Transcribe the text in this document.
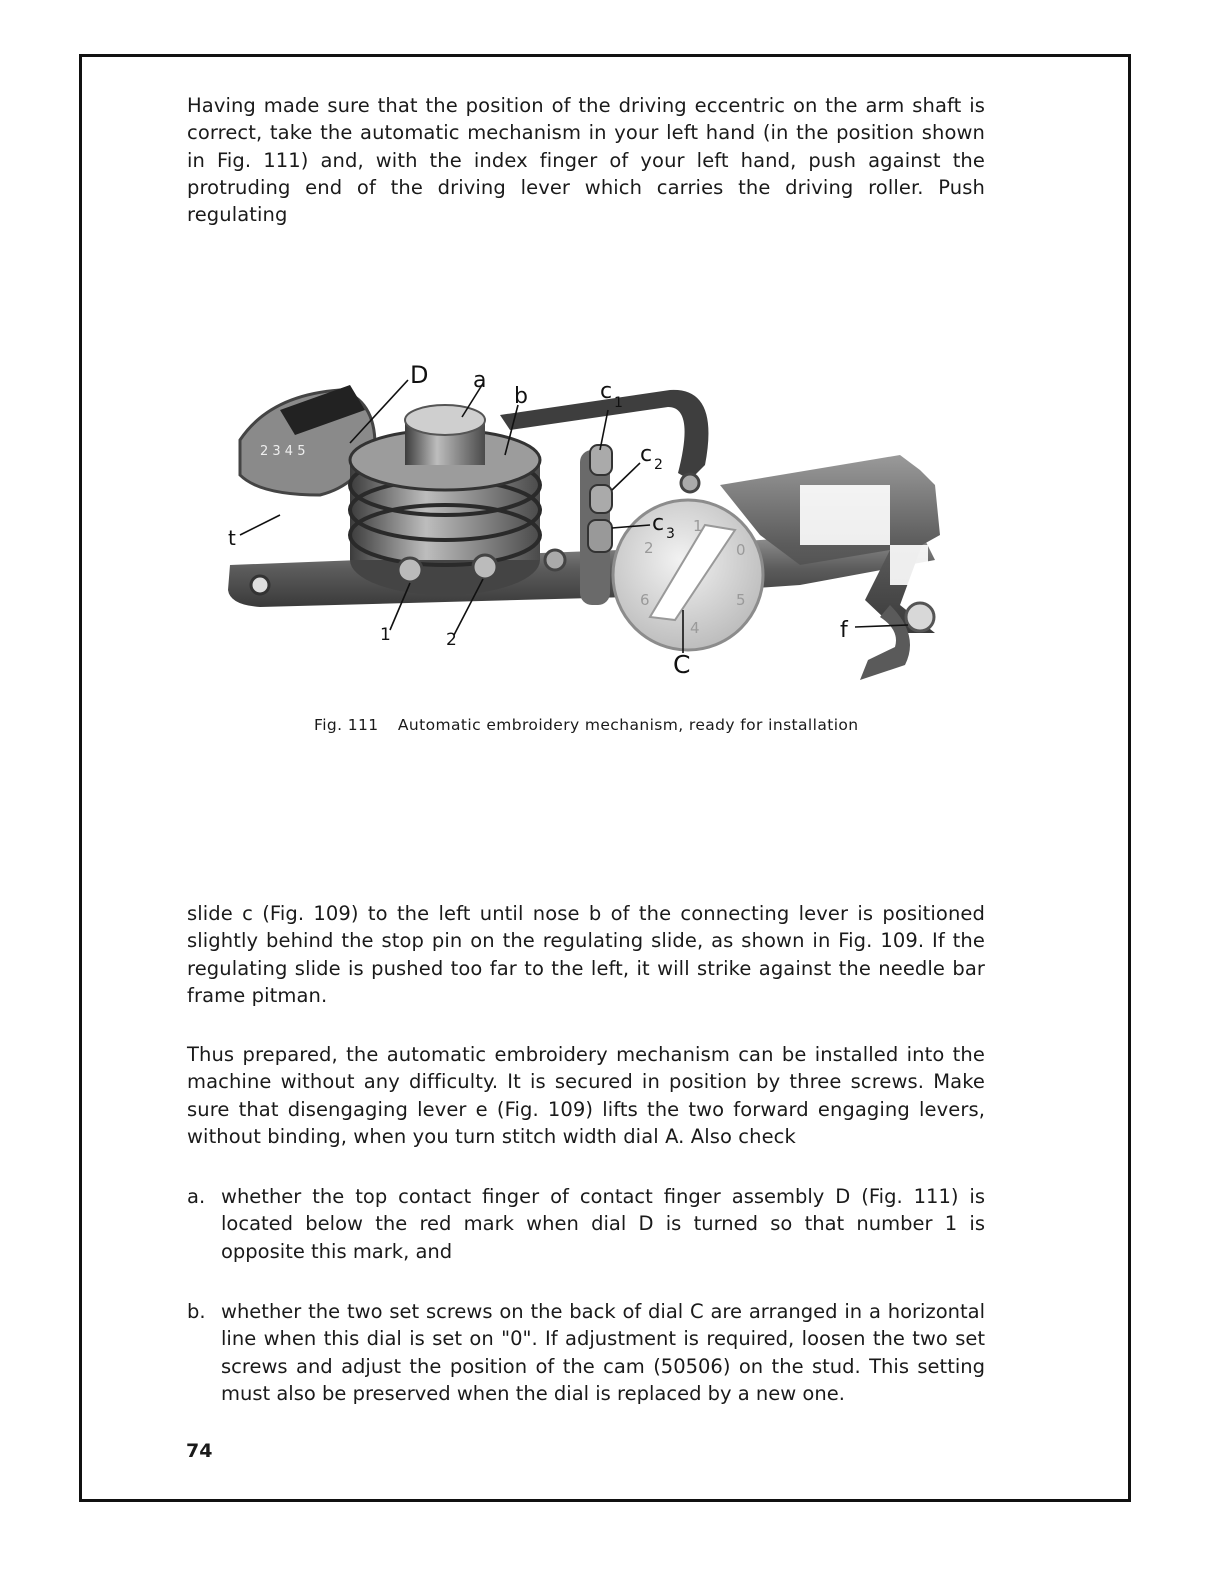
Having made sure that the position of the driving eccentric on the arm shaft is correct, take the automatic mechanism in your left hand (in the position shown in Fig. 111) and, with the index finger of your left hand, push against the protruding end of the driving lever which carries the driving roller. Push regulating
2 3 4 5
D a
b	c 1
c 2
c 3
t
1	2
C
f
1
0
5
4
6
2
Fig. 111 Automatic embroidery mechanism, ready for installation
slide c (Fig. 109) to the left until nose b of the connecting lever is positioned slightly behind the stop pin on the regulating slide, as shown in Fig. 109. If the regulating slide is pushed too far to the left, it will strike against the needle bar frame pitman.
Thus prepared, the automatic embroidery mechanism can be installed into the machine without any difficulty. It is secured in position by three screws. Make sure that disengaging lever e (Fig. 109) lifts the two forward engaging levers, without binding, when you turn stitch width dial A. Also check
a. whether the top contact finger of contact finger assembly D (Fig. 111) is located below the red mark when dial D is turned so that number 1 is opposite this mark, and
b. whether the two set screws on the back of dial C are arranged in a horizontal line when this dial is set on "0". If adjustment is required, loosen the two set screws and adjust the position of the cam (50506) on the stud. This setting must also be preserved when the dial is replaced by a new one.
74
